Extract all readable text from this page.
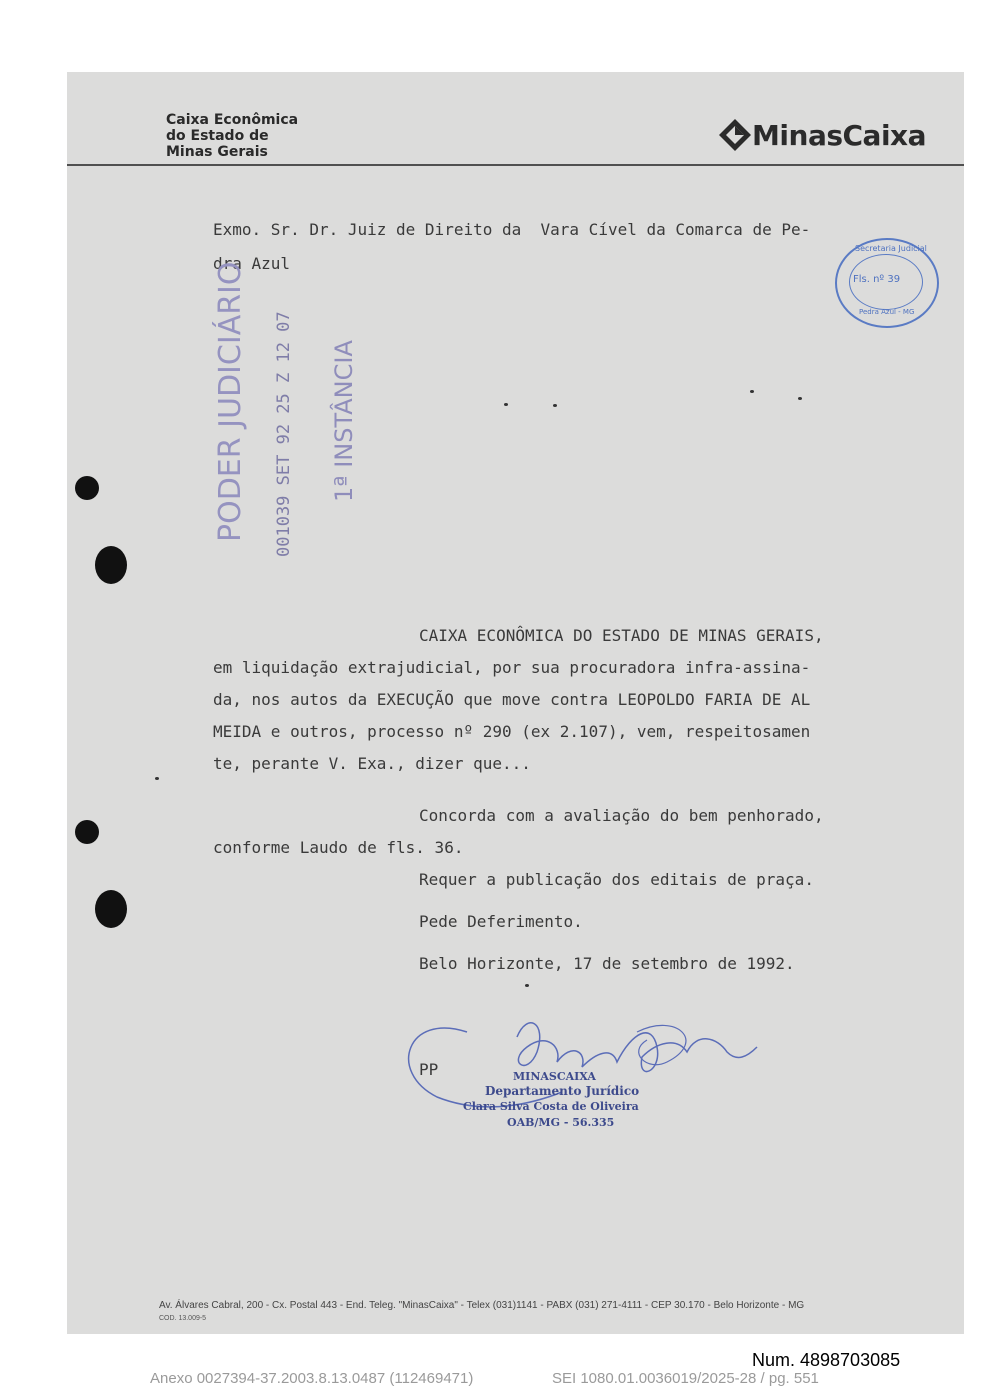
Caixa Econômica
do Estado de
Minas Gerais
MinasCaixa
Exmo. Sr. Dr. Juiz de Direito da  Vara Cível da Comarca de Pe-
dra Azul
PODER JUDICIÁRIO 001039 SET 92 25 Z 12 07 1ª INSTÂNCIA
Secretaria Judicial
Fls. nº 39
Pedra Azul - MG
CAIXA ECONÔMICA DO ESTADO DE MINAS GERAIS,
em liquidação extrajudicial, por sua procuradora infra-assina-
da, nos autos da EXECUÇÃO que move contra LEOPOLDO FARIA DE AL
MEIDA e outros, processo nº 290 (ex 2.107), vem, respeitosamen
te, perante V. Exa., dizer que...
Concorda com a avaliação do bem penhorado,
conforme Laudo de fls. 36.
Requer a publicação dos editais de praça.
Pede Deferimento.
Belo Horizonte, 17 de setembro de 1992.
PP	MINASCAIXA
Departamento Jurídico
Clara Silva Costa de Oliveira
OAB/MG - 56.335
Av. Álvares Cabral, 200 - Cx. Postal 443 - End. Teleg. "MinasCaixa" - Telex (031)1141 - PABX (031) 271-4111 - CEP 30.170 - Belo Horizonte - MG
COD. 13.009-5
Num. 4898703085
Anexo 0027394-37.2003.8.13.0487 (112469471)	SEI 1080.01.0036019/2025-28 / pg. 551
